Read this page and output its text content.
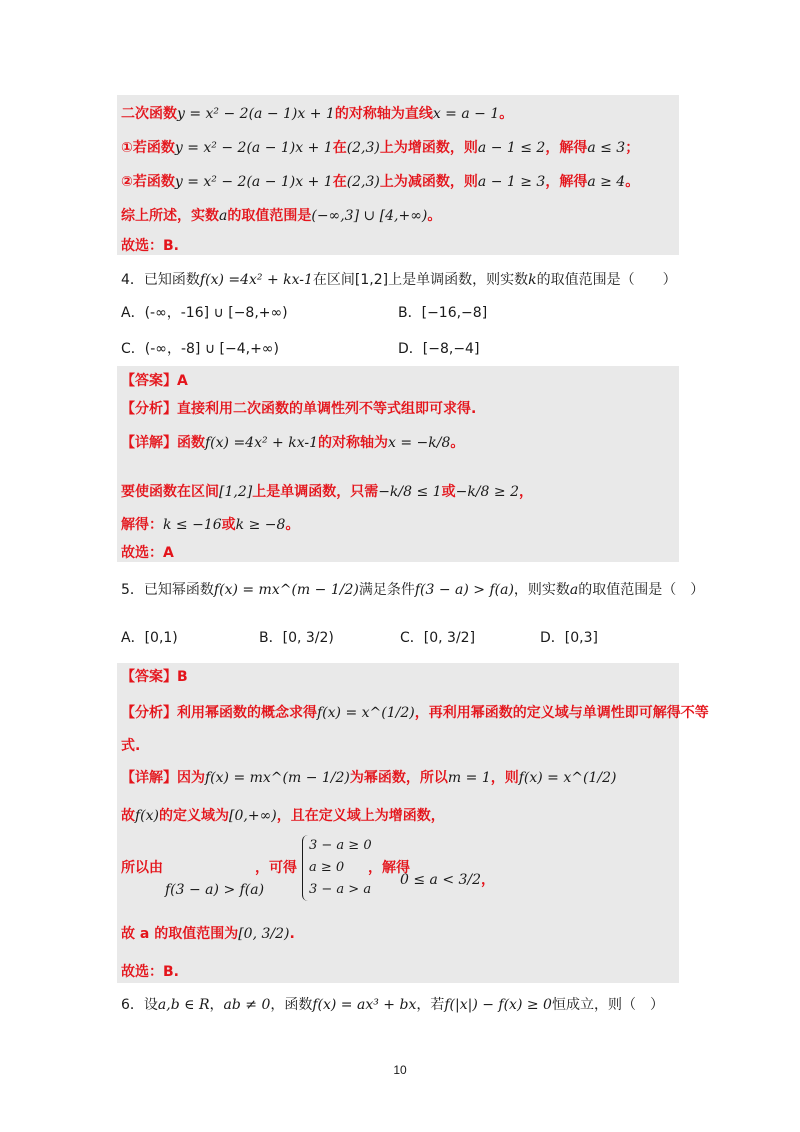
二次函数y = x² − 2(a − 1)x + 1的对称轴为直线x = a − 1。
①若函数y = x² − 2(a − 1)x + 1在(2,3)上为增函数，则a − 1 ≤ 2，解得a ≤ 3；
②若函数y = x² − 2(a − 1)x + 1在(2,3)上为减函数，则a − 1 ≥ 3，解得a ≥ 4。
综上所述，实数a的取值范围是(−∞,3] ∪ [4,+∞)。
故选：B.
4．已知函数f(x) =4x² + kx-1在区间[1,2]上是单调函数，则实数k的取值范围是（　　）
A．(-∞，-16] ∪ [−8,+∞)	B．[−16,−8]
C．(-∞，-8] ∪ [−4,+∞)	D．[−8,−4]
【答案】A
【分析】直接利用二次函数的单调性列不等式组即可求得.
【详解】函数f(x) =4x² + kx-1的对称轴为x = −k/8。
要使函数在区间[1,2]上是单调函数，只需−k/8 ≤ 1或−k/8 ≥ 2，
解得：k ≤ −16或k ≥ −8。
故选：A
5．已知幂函数f(x) = mx^(m − 1/2)满足条件f(3 − a) > f(a)，则实数a的取值范围是（　）
A．[0,1)	B．[0, 3/2)	C．[0, 3/2]	D．[0,3]
【答案】B
【分析】利用幂函数的概念求得f(x) = x^(1/2)，再利用幂函数的定义域与单调性即可解得不等
式.
【详解】因为f(x) = mx^(m − 1/2)为幂函数，所以m = 1，则f(x) = x^(1/2)
故f(x)的定义域为[0,+∞)，且在定义域上为增函数，
所以由
f(3 − a) > f(a)
，可得
3 − a ≥ 0
a ≥ 0
3 − a > a
，解得
0 ≤ a < 3/2，
故 a 的取值范围为[0, 3/2).
故选：B.
6．设a,b ∈ R，ab ≠ 0，函数f(x) = ax³ + bx，若f(|x|) − f(x) ≥ 0恒成立，则（　）
10
